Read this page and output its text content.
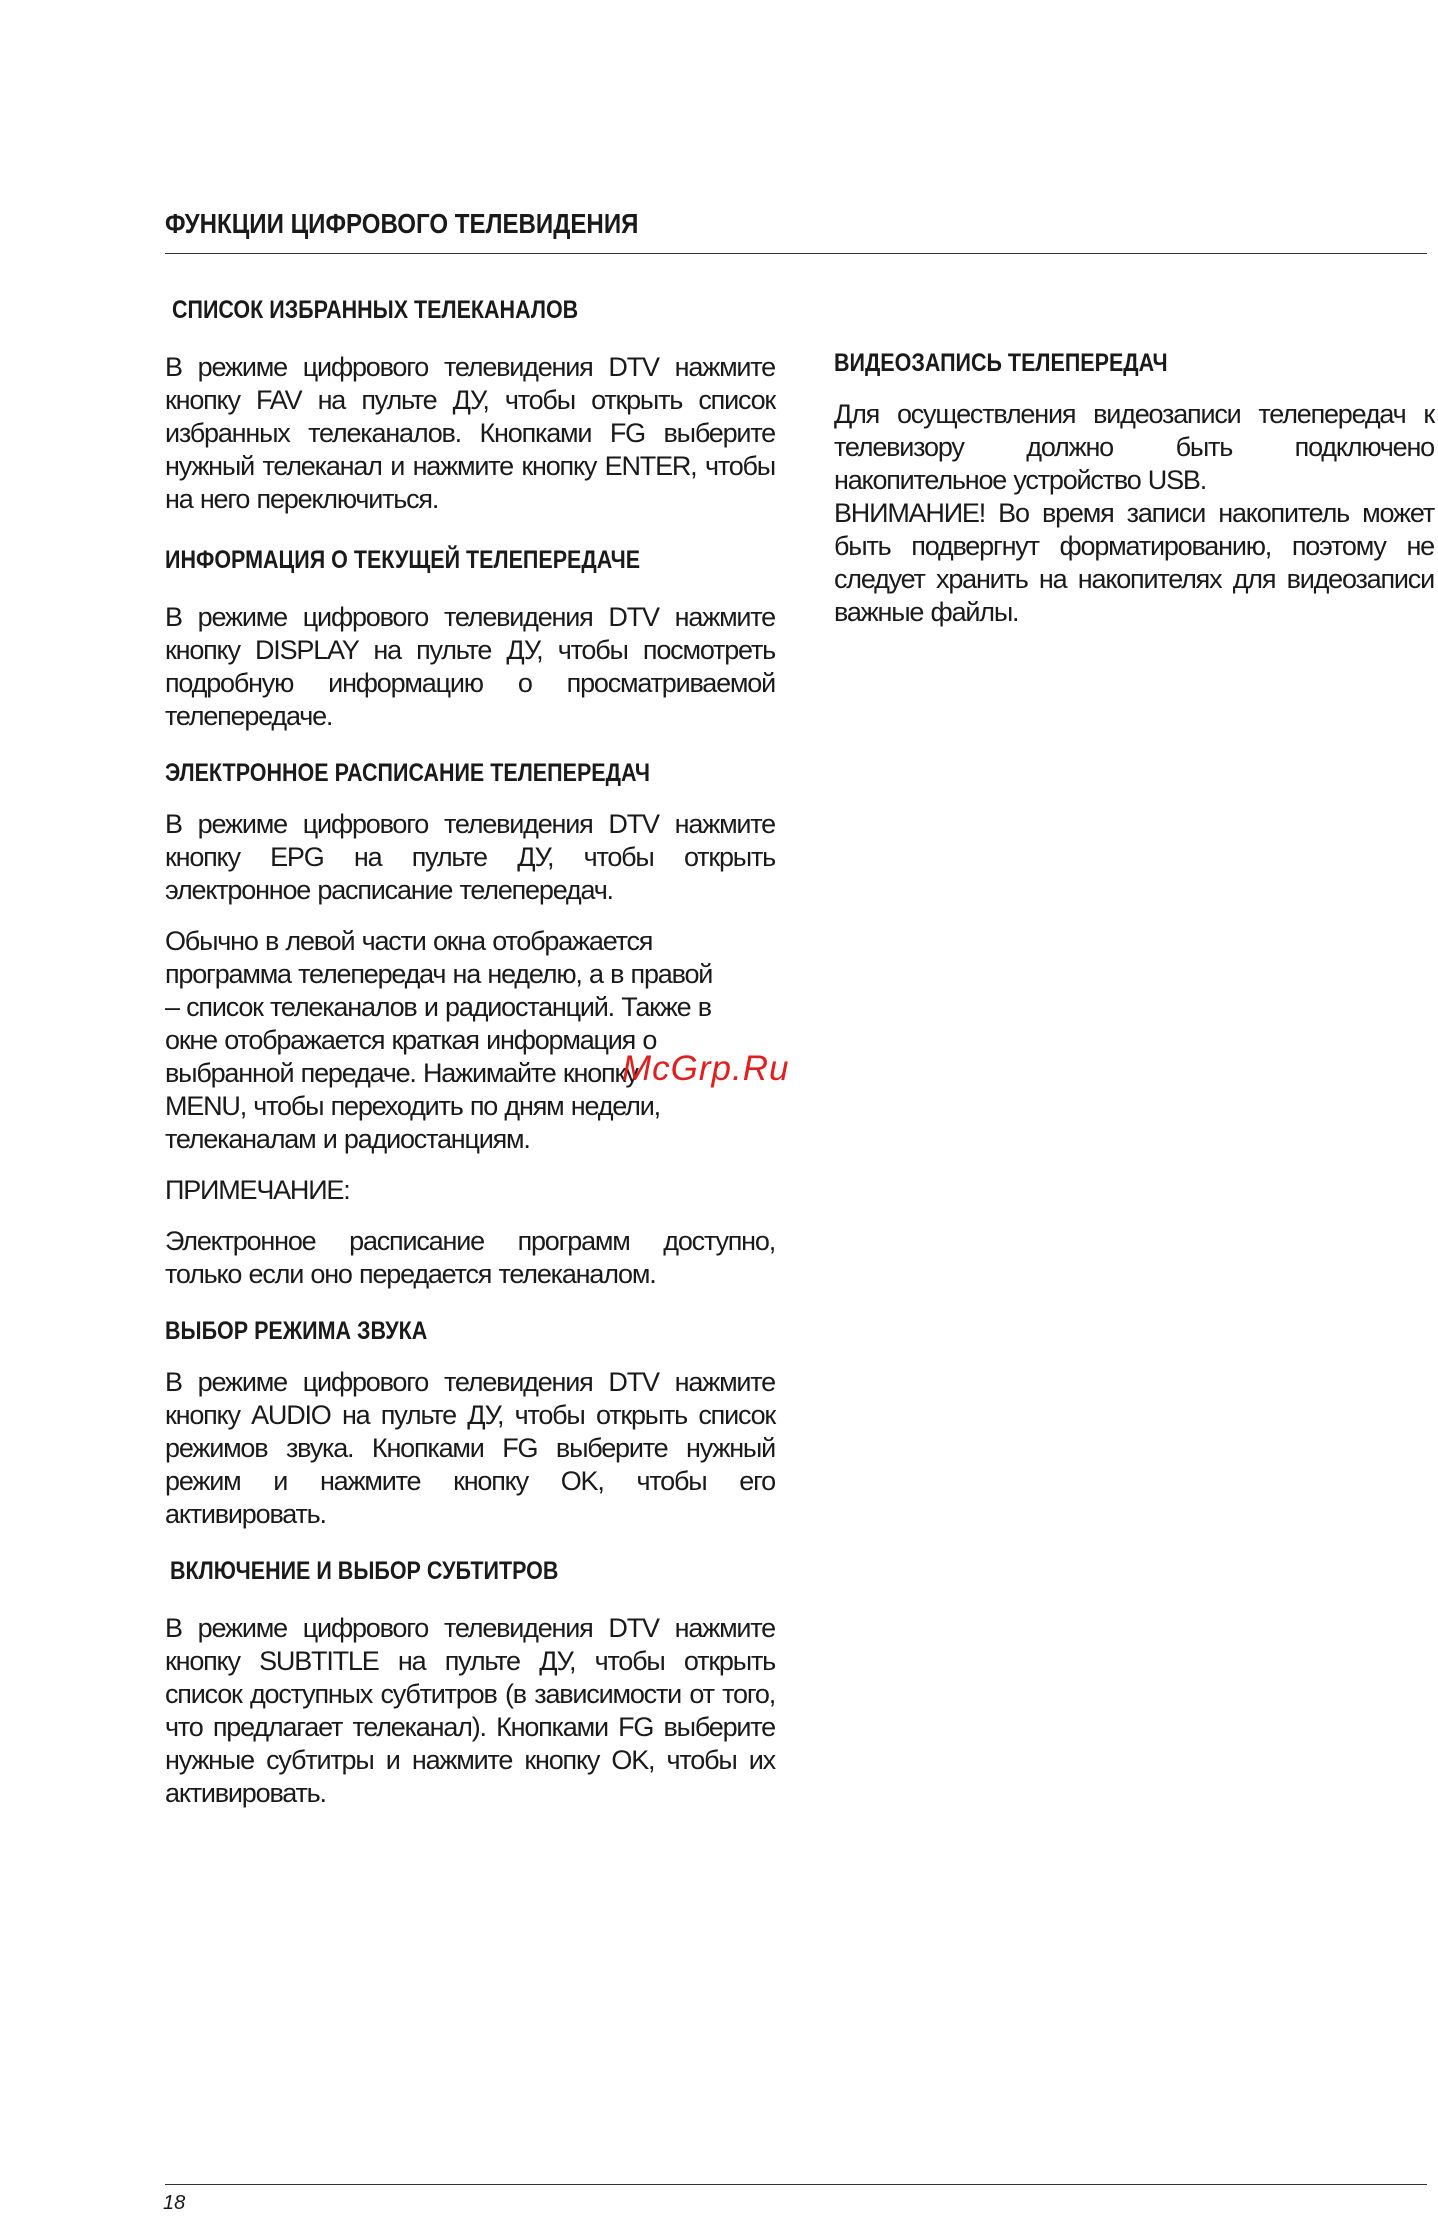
ФУНКЦИИ ЦИФРОВОГО ТЕЛЕВИДЕНИЯ
СПИСОК ИЗБРАННЫХ ТЕЛЕКАНАЛОВ

В режиме цифрового телевидения DTV нажмите кнопку FAV на пульте ДУ, чтобы открыть список избранных телеканалов. Кнопками FG выберите нужный телеканал и нажмите кнопку ENTER, чтобы на него переключиться.

ИНФОРМАЦИЯ О ТЕКУЩЕЙ ТЕЛЕПЕРЕДАЧЕ

В режиме цифрового телевидения DTV нажмите кнопку DISPLAY на пульте ДУ, чтобы посмотреть подробную информацию о просматриваемой телепередаче.

ЭЛЕКТРОННОЕ РАСПИСАНИЕ ТЕЛЕПЕРЕДАЧ

В режиме цифрового телевидения DTV нажмите кнопку EPG на пульте ДУ, чтобы открыть электронное расписание телепередач.

Обычно в левой части окна отображается программа телепередач на неделю, а в правой – список телеканалов и радиостанций. Также в окне отображается краткая информация о выбранной передаче. Нажимайте кнопку MENU, чтобы переходить по дням недели, телеканалам и радиостанциям.

ПРИМЕЧАНИЕ:

Электронное расписание программ доступно, только если оно передается телеканалом.

ВЫБОР РЕЖИМА ЗВУКА

В режиме цифрового телевидения DTV нажмите кнопку AUDIO на пульте ДУ, чтобы открыть список режимов звука. Кнопками FG выберите нужный режим и нажмите кнопку OK, чтобы его активировать.

ВКЛЮЧЕНИЕ И ВЫБОР СУБТИТРОВ

В режиме цифрового телевидения DTV нажмите кнопку SUBTITLE на пульте ДУ, чтобы открыть список доступных субтитров (в зависимости от того, что предлагает телеканал). Кнопками FG выберите нужные субтитры и нажмите кнопку OK, чтобы их активировать.

ВИДЕОЗАПИСЬ ТЕЛЕПЕРЕДАЧ

Для осуществления видеозаписи телепередач к телевизору должно быть подключено накопительное устройство USB.

ВНИМАНИЕ! Во время записи накопитель может быть подвергнут форматированию, поэтому не следует хранить на накопителях для видеозаписи важные файлы.

McGrp.Ru
18
